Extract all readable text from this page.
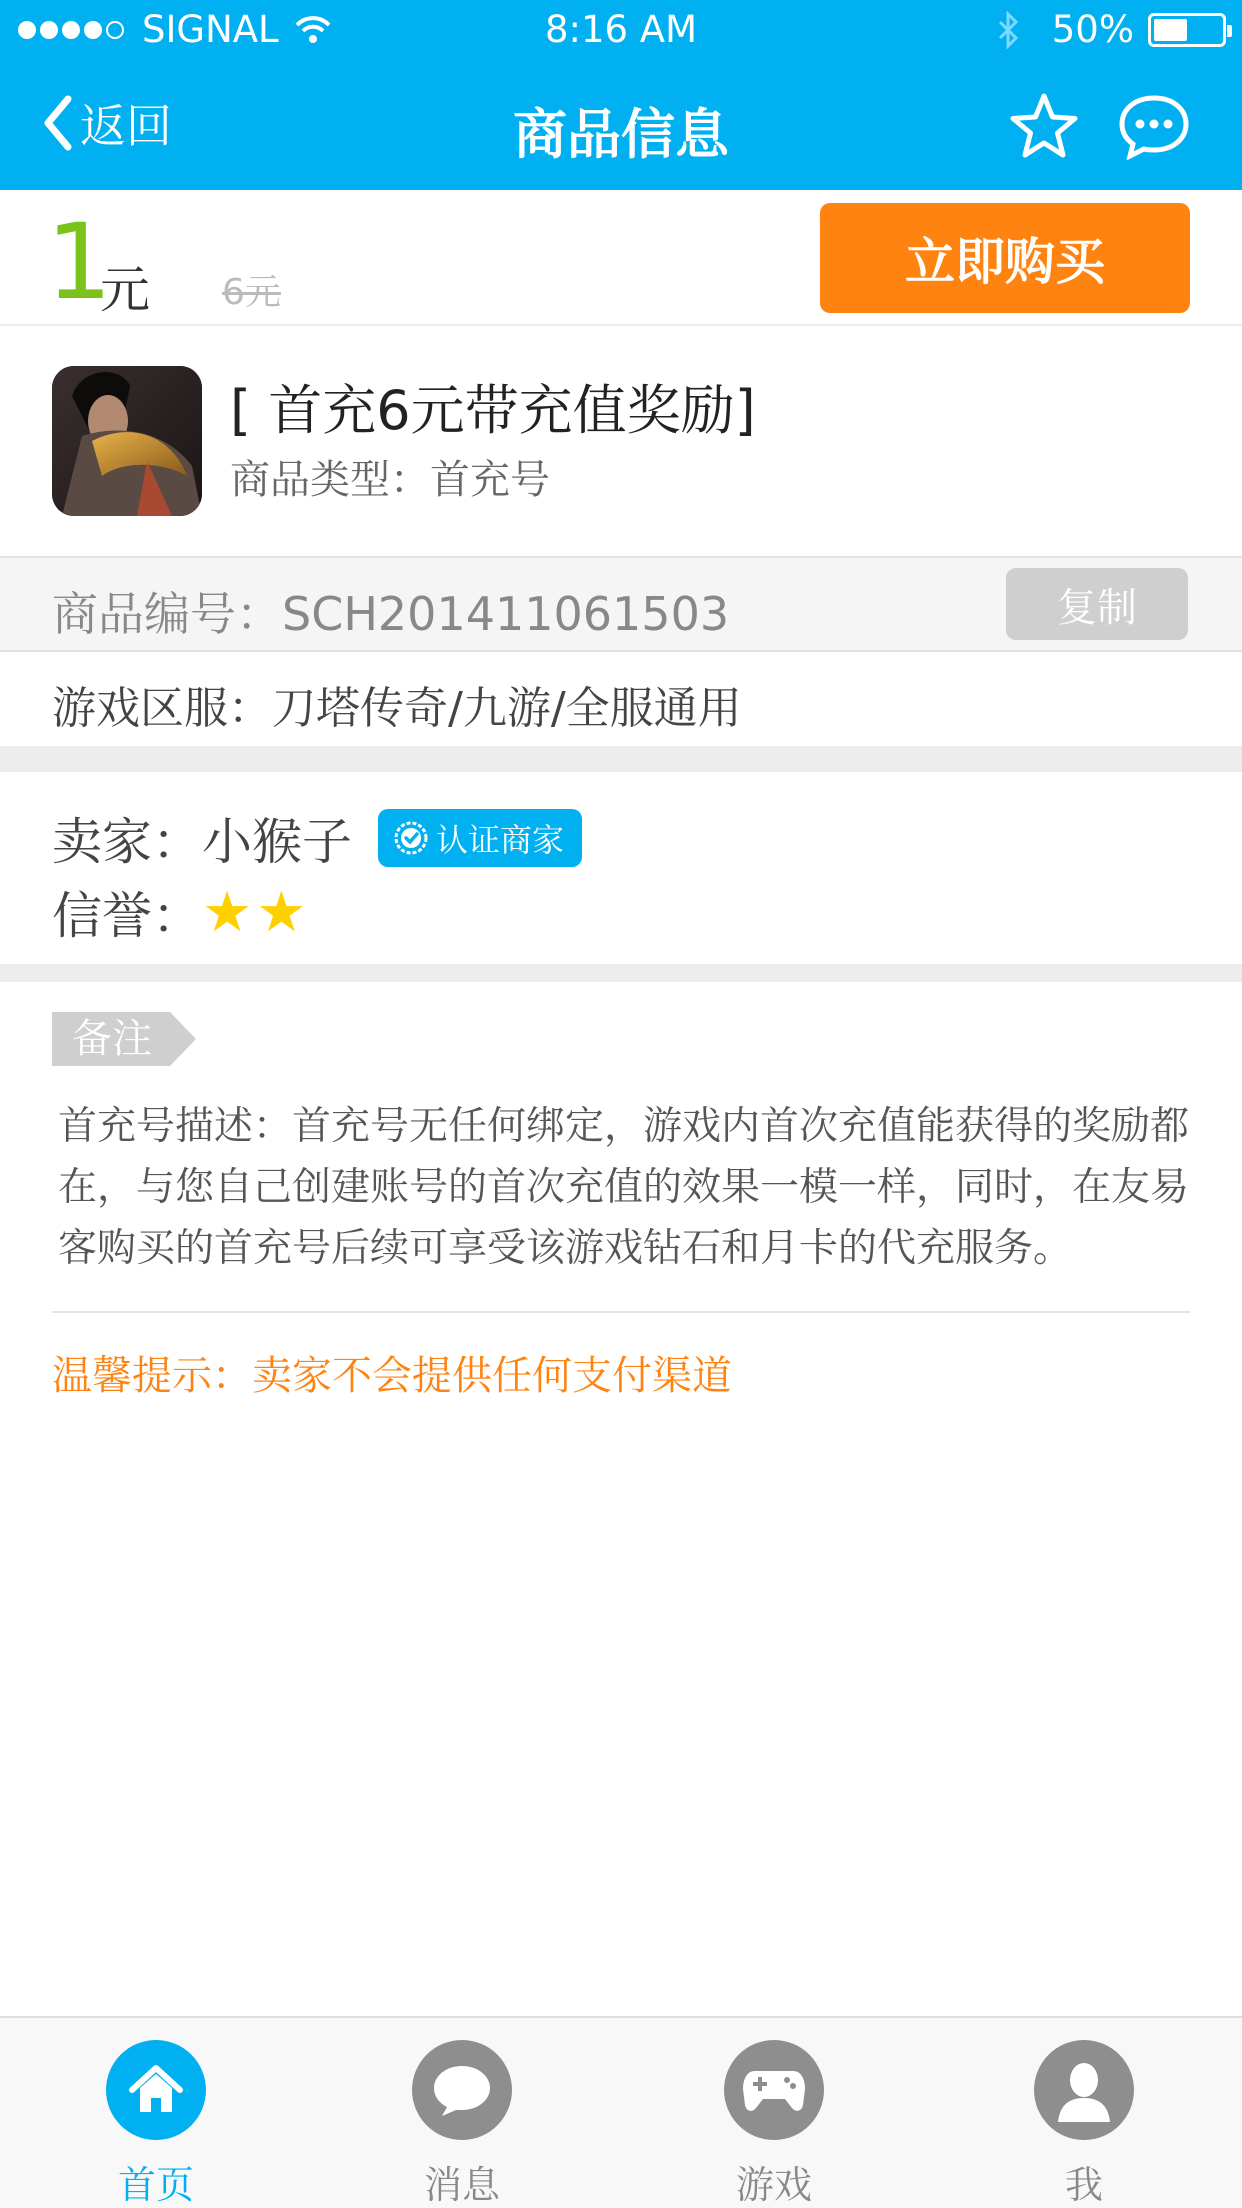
SIGNAL	8:16 AM	50%
返回	商品信息
1
元 6元
立即购买
[ 首充6元带充值奖励]
商品类型：首充号
商品编号：SCH201411061503	复制
游戏区服：刀塔传奇/九游/全服通用
卖家：小猴子	认证商家
信誉： ★★
备注
首充号描述：首充号无任何绑定，游戏内首次充值能获得的奖励都在，与您自己创建账号的首次充值的效果一模一样，同时，在友易客购买的首充号后续可享受该游戏钻石和月卡的代充服务。
温馨提示：卖家不会提供任何支付渠道
首页	消息	游戏	我
